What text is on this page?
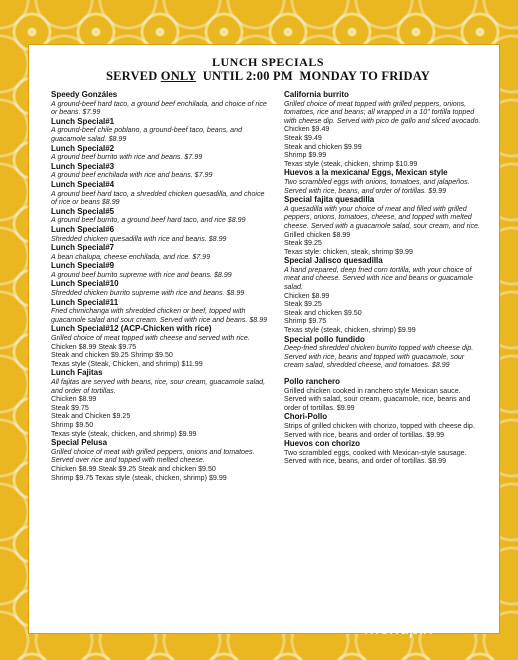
LUNCH SPECIALS
SERVED ONLY  UNTIL 2:00 PM  MONDAY TO FRIDAY
Speedy Gonzáles
A ground-beef hard taco, a ground beef enchilada, and choice of rice or beans. $7.99
Lunch Special#1
A ground-beef chile poblano, a ground-beef taco, beans, and guacamole salad. $8.99
Lunch Special#2
A ground beef burrito with rice and beans. $7.99
Lunch Special#3
A ground beef enchilada with rice and beans. $7.99
Lunch Special#4
A ground beef hard taco, a shredded chicken quesadilla, and choice of rice or beans $8.99
Lunch Special#5
A ground beef burrito, a ground beef hard taco, and rice $8.99
Lunch Special#6
Shredded chicken quesadilla with rice and beans. $8.99
Lunch Special#7
A bean chalupa, cheese enchilada, and rice. $7.99
Lunch Special#9
A ground beef burrito supreme with rice and beans. $8.99
Lunch Special#10
Shredded chicken burrito supreme with rice and beans. $8.99
Lunch Special#11
Fried chimichanga with shredded chicken or beef, topped with guacamole salad and sour cream. Served with rice and beans. $8.99
Lunch Special#12 (ACP-Chicken with rice)
Grilled choice of meat topped with cheese and served with rice.
Chicken $8.99 Steak $9.75
Steak and chicken $9.25 Shrimp $9.50
Texas style (Steak, Chicken, and shrimp) $11.99
Lunch Fajitas
All fajitas are served with beans, rice, sour cream, guacamole salad, and order of tortillas.
Chicken $8.99
Steak $9.75
Steak and Chicken $9.25
Shrimp $9.50
Texas style (steak, chicken, and shrimp) $9.99
Special Pelusa
Grilled choice of meat with grilled peppers, onions and tomatoes. Served over rice and topped with melted cheese.
Chicken $8.99 Steak $9.25 Steak and chicken $9.50
Shrimp $9.75 Texas style (steak, chicken, shrimp) $9.99
California burrito
Grilled choice of meat topped with grilled peppers, onions, tomatoes, rice and beans; all wrapped in a 10" tortilla topped with cheese dip. Served with pico de gallo and sliced avocado.
Chicken $9.49
Steak $9.49
Steak and chicken $9.99
Shrimp $9.99
Texas style (steak, chicken, shrimp $10.99
Huevos a la mexicana/ Eggs, Mexican style
Two scrambled eggs with onions, tomatoes, and jalapeños. Served with rice, beans, and order of tortillas. $9.99
Special fajita quesadilla
A quesadilla with your choice of meat and filled with grilled peppers, onions, tomatoes, cheese, and topped with melted cheese. Served with a guacamole salad, sour cream, and rice.
Grilled chicken $8.99
Steak $9.25
Texas style: chicken, steak, shrimp $9.99
Special Jalisco quesadilla
A hand prepared, deep fried corn tortilla, with your choice of meat and cheese. Served with rice and beans or guacamole salad.
Chicken $8.99
Steak $9.25
Steak and chicken $9.50
Shrimp $9.75
Texas style (steak, chicken, shrimp) $9.99
Special pollo fundido
Deep-fried shredded chicken burrito topped with cheese dip. Served with rice, beans and topped with guacamole, sour cream salad, shredded cheese, and tomatoes. $8.99
Pollo ranchero
Grilled chicken cooked in ranchero style Mexican sauce. Served with salad, sour cream, guacamole, rice, beans and order of tortillas. $9.99
Chori-Pollo
Strips of grilled chicken with chorizo, topped with cheese dip. Served with rice, beans and order of tortillas. $9.99
Huevos con chorizo
Two scrambled eggs, cooked with Mexican-style sausage. Served with rice, beans, and order of tortillas. $8.99
menupix
